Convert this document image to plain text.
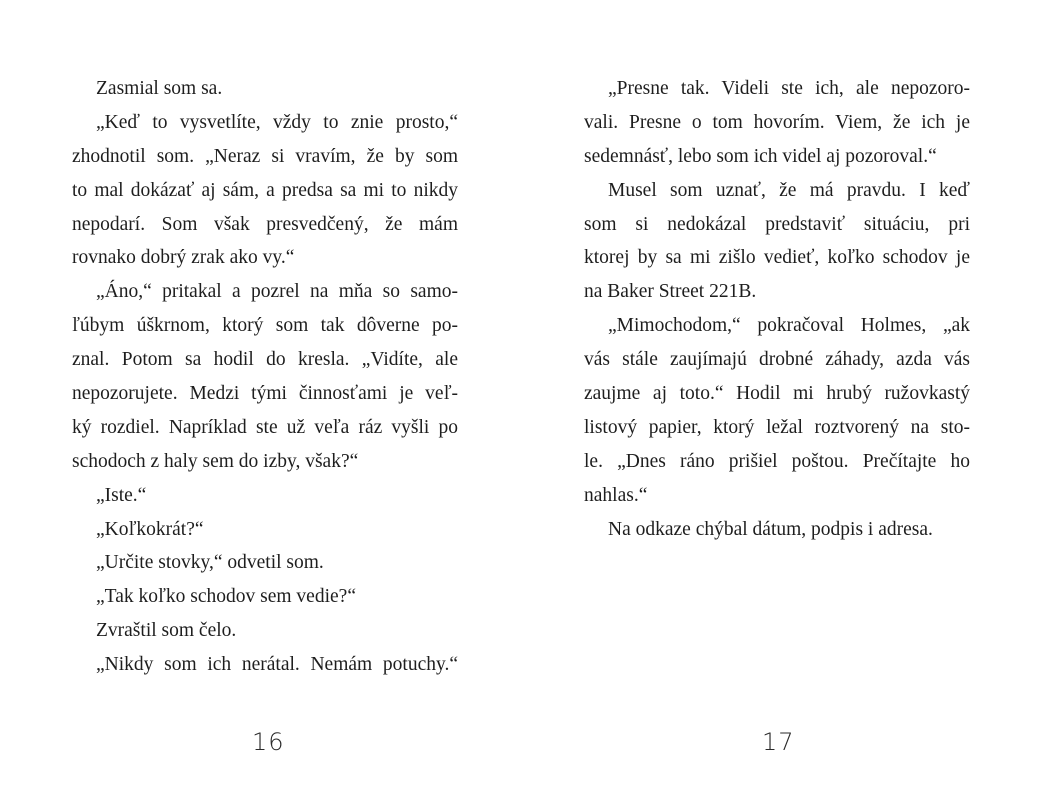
Zasmial som sa.
„Keď to vysvetlíte, vždy to znie prosto,“
zhodnotil som. „Neraz si vravím, že by som
to mal dokázať aj sám, a predsa sa mi to nikdy
nepodarí. Som však presvedčený, že mám
rovnako dobrý zrak ako vy.“
„Áno,“ pritakal a pozrel na mňa so samo-
ľúbym úškrnom, ktorý som tak dôverne po-
znal. Potom sa hodil do kresla. „Vidíte, ale
nepozorujete. Medzi tými činnosťami je veľ-
ký rozdiel. Napríklad ste už veľa ráz vyšli po
schodoch z haly sem do izby, však?“
„Iste.“
„Koľkokrát?“
„Určite stovky,“ odvetil som.
„Tak koľko schodov sem vedie?“
Zvraštil som čelo.
„Nikdy som ich nerátal. Nemám potuchy.“
„Presne tak. Videli ste ich, ale nepozoro-
vali. Presne o tom hovorím. Viem, že ich je
sedemnásť, lebo som ich videl aj pozoroval.“
Musel som uznať, že má pravdu. I keď
som si nedokázal predstaviť situáciu, pri
ktorej by sa mi zišlo vedieť, koľko schodov je
na Baker Street 221B.
„Mimochodom,“ pokračoval Holmes, „ak
vás stále zaujímajú drobné záhady, azda vás
zaujme aj toto.“ Hodil mi hrubý ružovkastý
listový papier, ktorý ležal roztvorený na sto-
le. „Dnes ráno prišiel poštou. Prečítajte ho
nahlas.“
Na odkaze chýbal dátum, podpis i adresa.
16	17
